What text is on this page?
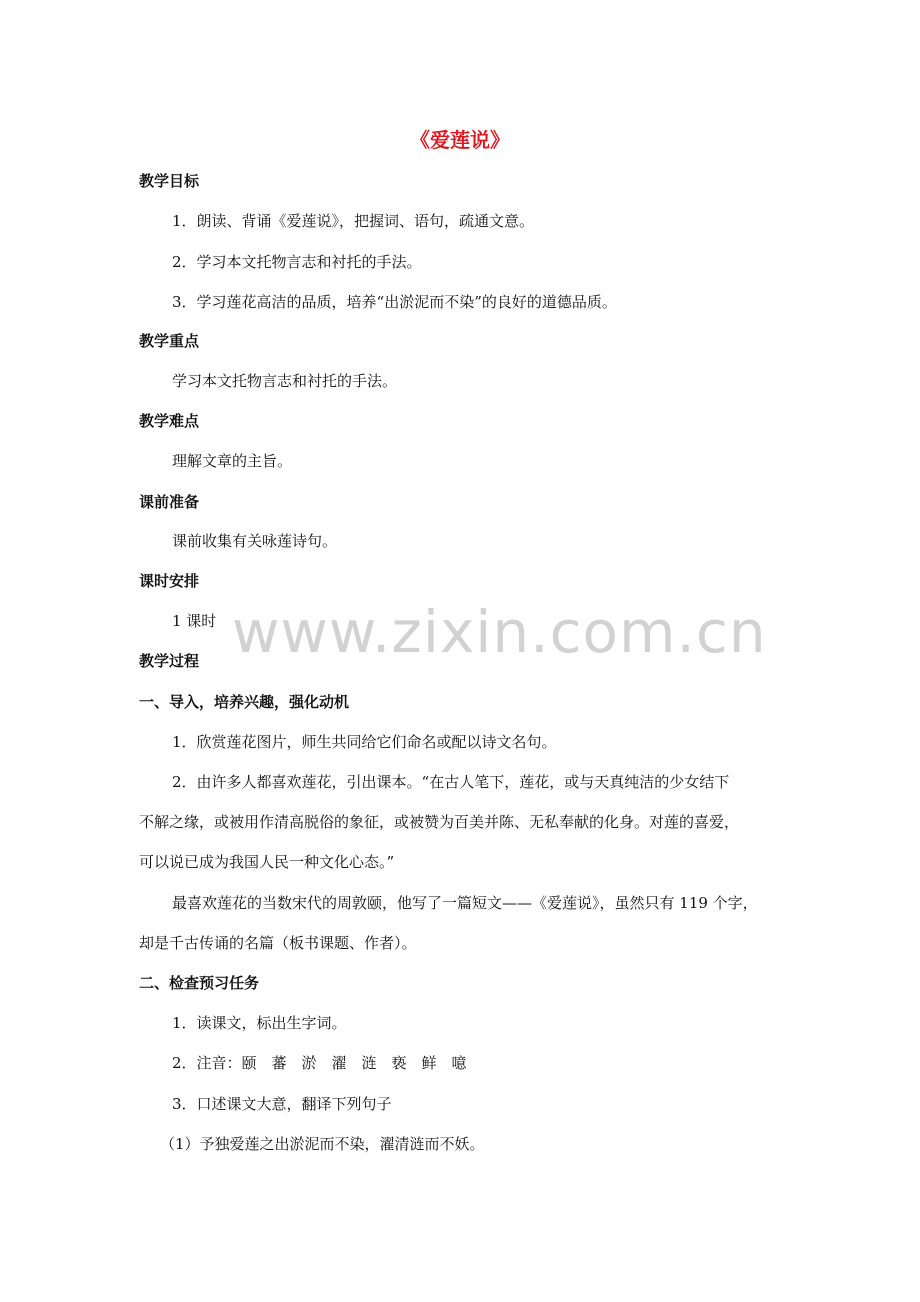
www.zixin.com.cn
《爱莲说》
教学目标
1．朗读、背诵《爱莲说》，把握词、语句，疏通文意。
2．学习本文托物言志和衬托的手法。
3．学习莲花高洁的品质，培养“出淤泥而不染”的良好的道德品质。
教学重点
学习本文托物言志和衬托的手法。
教学难点
理解文章的主旨。
课前准备
课前收集有关咏莲诗句。
课时安排
1 课时
教学过程
一、导入，培养兴趣，强化动机
1．欣赏莲花图片，师生共同给它们命名或配以诗文名句。
2．由许多人都喜欢莲花，引出课本。“在古人笔下，莲花，或与天真纯洁的少女结下
不解之缘，或被用作清高脱俗的象征，或被赞为百美并陈、无私奉献的化身。对莲的喜爱，
可以说已成为我国人民一种文化心态。”
最喜欢莲花的当数宋代的周敦颐，他写了一篇短文——《爱莲说》，虽然只有 119 个字，
却是千古传诵的名篇（板书课题、作者）。
二、检查预习任务
1．读课文，标出生字词。
2．注音：颐　蕃　淤　濯　涟　亵　鲜　噫
3．口述课文大意，翻译下列句子
（1）予独爱莲之出淤泥而不染，濯清涟而不妖。
